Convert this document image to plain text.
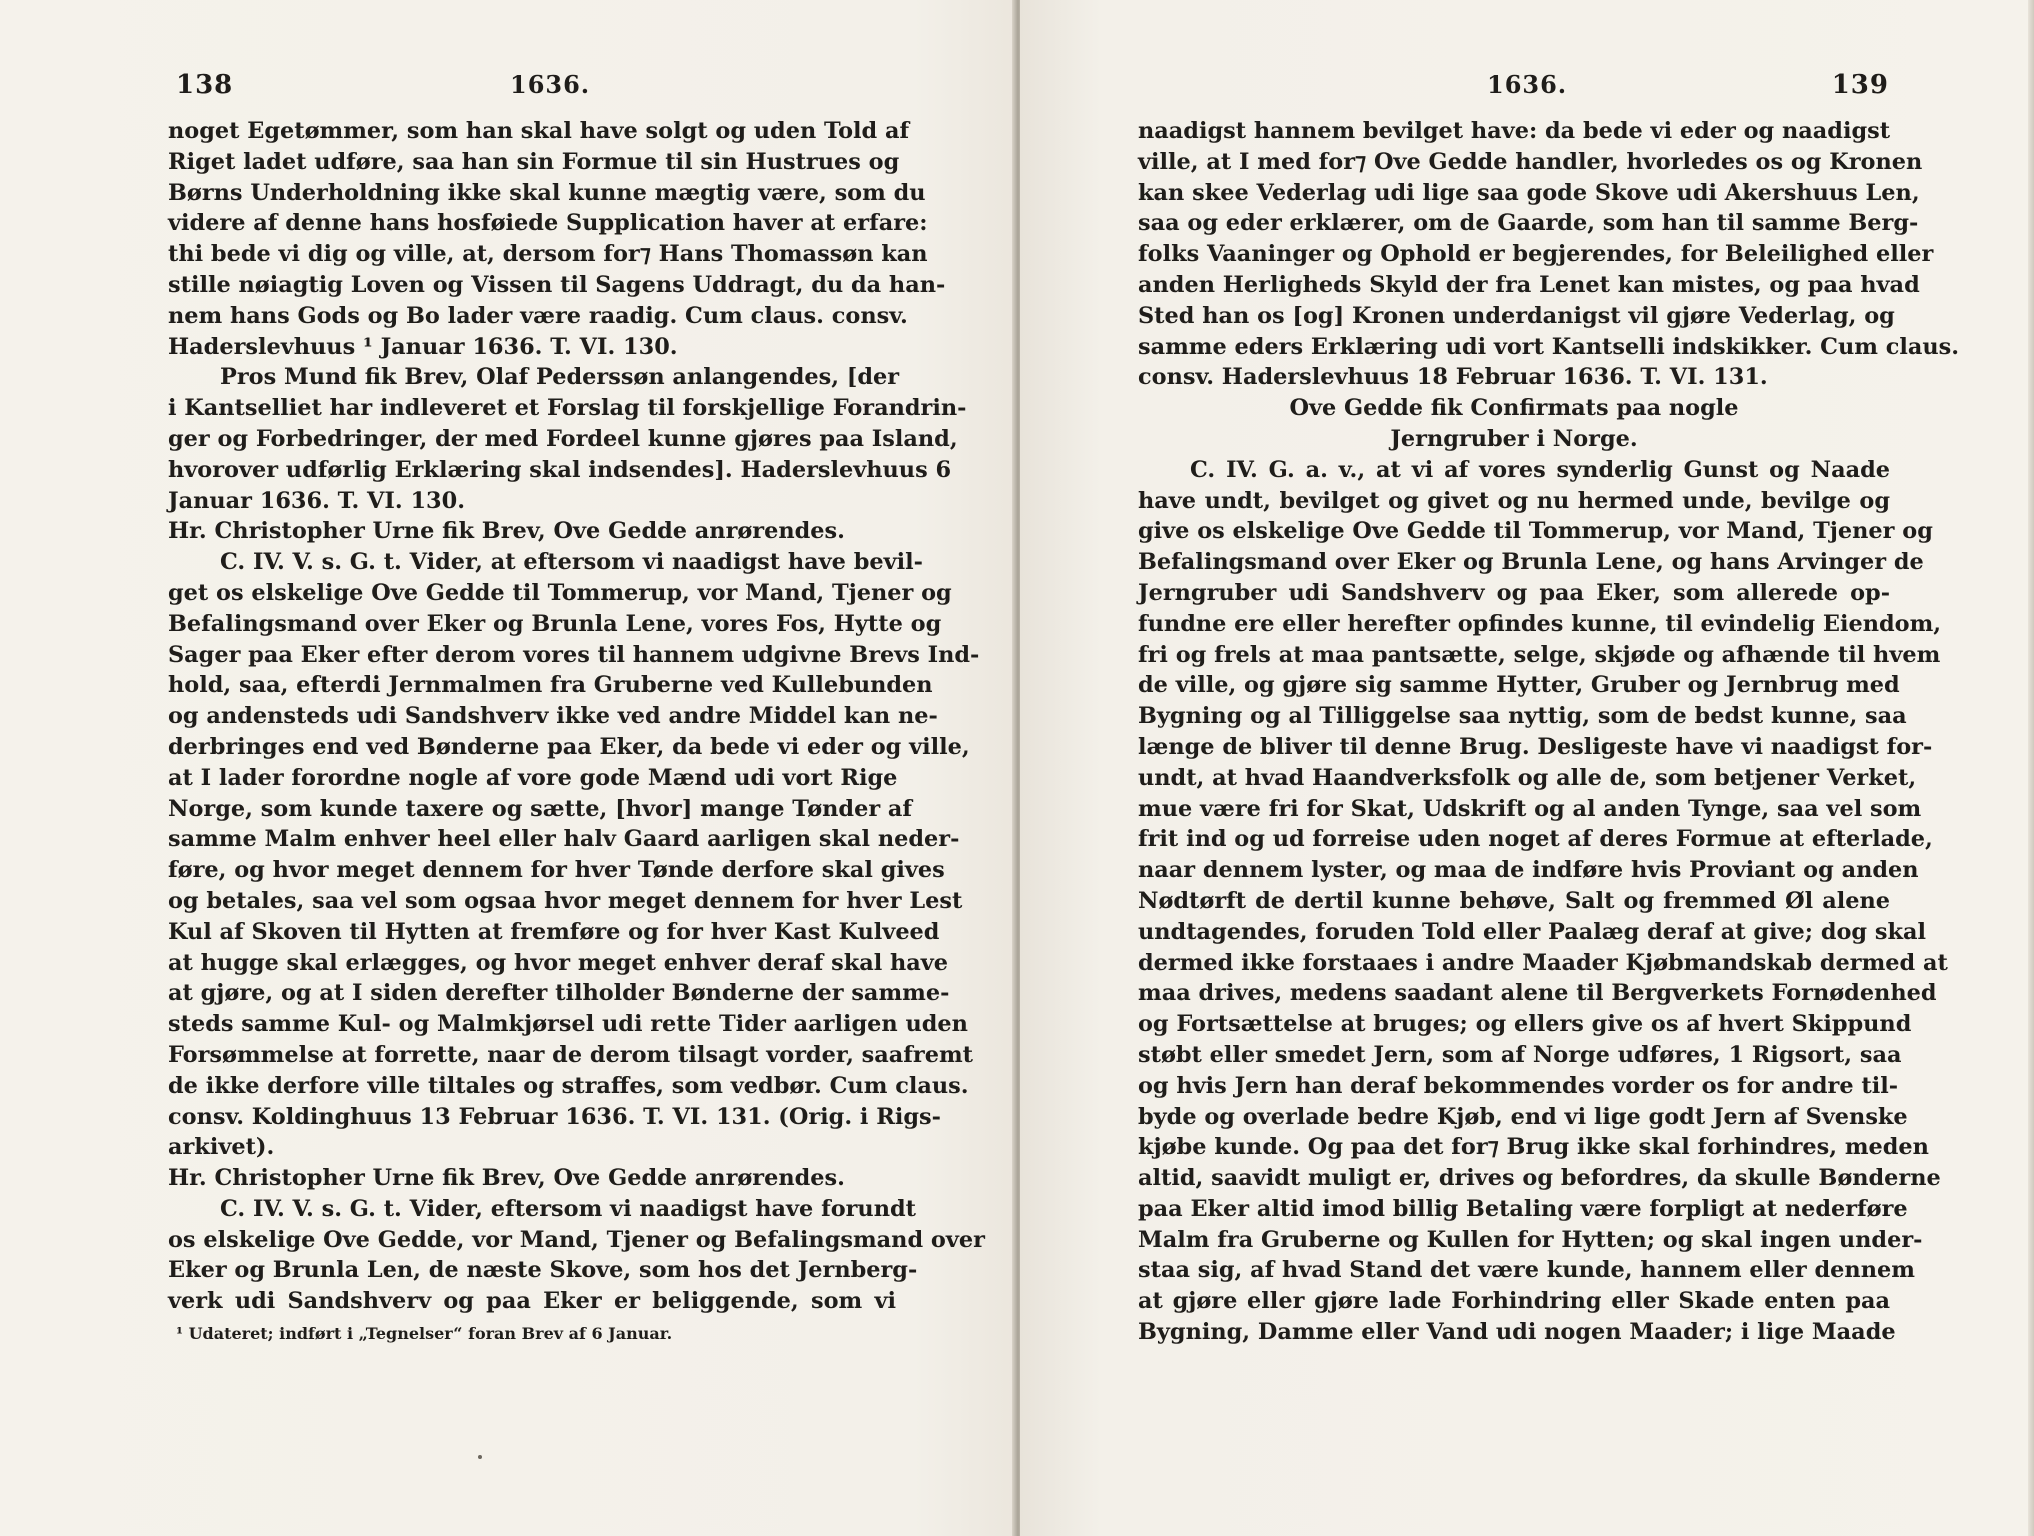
138	1636.
noget Egetømmer, som han skal have solgt og uden Told af
Riget ladet udføre, saa han sin Formue til sin Hustrues og
Børns Underholdning ikke skal kunne mægtig være, som du
videre af denne hans hosføiede Supplication haver at erfare:
thi bede vi dig og ville, at, dersom for⁊ Hans Thomassøn kan
stille nøiagtig Loven og Vissen til Sagens Uddragt, du da han-
nem hans Gods og Bo lader være raadig. Cum claus. consv.
Haderslevhuus ¹ Januar 1636. T. VI. 130.
Pros Mund fik Brev, Olaf Pederssøn anlangendes, [der
i Kantselliet har indleveret et Forslag til forskjellige Forandrin-
ger og Forbedringer, der med Fordeel kunne gjøres paa Island,
hvorover udførlig Erklæring skal indsendes]. Haderslevhuus 6
Januar 1636. T. VI. 130.
Hr. Christopher Urne fik Brev, Ove Gedde anrørendes.
C. IV. V. s. G. t. Vider, at eftersom vi naadigst have bevil-
get os elskelige Ove Gedde til Tommerup, vor Mand, Tjener og
Befalingsmand over Eker og Brunla Lene, vores Fos, Hytte og
Sager paa Eker efter derom vores til hannem udgivne Brevs Ind-
hold, saa, efterdi Jernmalmen fra Gruberne ved Kullebunden
og andensteds udi Sandshverv ikke ved andre Middel kan ne-
derbringes end ved Bønderne paa Eker, da bede vi eder og ville,
at I lader forordne nogle af vore gode Mænd udi vort Rige
Norge, som kunde taxere og sætte, [hvor] mange Tønder af
samme Malm enhver heel eller halv Gaard aarligen skal neder-
føre, og hvor meget dennem for hver Tønde derfore skal gives
og betales, saa vel som ogsaa hvor meget dennem for hver Lest
Kul af Skoven til Hytten at fremføre og for hver Kast Kulveed
at hugge skal erlægges, og hvor meget enhver deraf skal have
at gjøre, og at I siden derefter tilholder Bønderne der samme-
steds samme Kul- og Malmkjørsel udi rette Tider aarligen uden
Forsømmelse at forrette, naar de derom tilsagt vorder, saafremt
de ikke derfore ville tiltales og straffes, som vedbør. Cum claus.
consv. Koldinghuus 13 Februar 1636. T. VI. 131. (Orig. i Rigs-
arkivet).
Hr. Christopher Urne fik Brev, Ove Gedde anrørendes.
C. IV. V. s. G. t. Vider, eftersom vi naadigst have forundt
os elskelige Ove Gedde, vor Mand, Tjener og Befalingsmand over
Eker og Brunla Len, de næste Skove, som hos det Jernberg-
verk udi Sandshverv og paa Eker er beliggende, som vi
¹ Udateret; indført i „Tegnelser“ foran Brev af 6 Januar.
1636.	139
naadigst hannem bevilget have: da bede vi eder og naadigst
ville, at I med for⁊ Ove Gedde handler, hvorledes os og Kronen
kan skee Vederlag udi lige saa gode Skove udi Akershuus Len,
saa og eder erklærer, om de Gaarde, som han til samme Berg-
folks Vaaninger og Ophold er begjerendes, for Beleilighed eller
anden Herligheds Skyld der fra Lenet kan mistes, og paa hvad
Sted han os [og] Kronen underdanigst vil gjøre Vederlag, og
samme eders Erklæring udi vort Kantselli indskikker. Cum claus.
consv. Haderslevhuus 18 Februar 1636. T. VI. 131.
Ove Gedde fik Confirmats paa nogle
Jerngruber i Norge.
C. IV. G. a. v., at vi af vores synderlig Gunst og Naade
have undt, bevilget og givet og nu hermed unde, bevilge og
give os elskelige Ove Gedde til Tommerup, vor Mand, Tjener og
Befalingsmand over Eker og Brunla Lene, og hans Arvinger de
Jerngruber udi Sandshverv og paa Eker, som allerede op-
fundne ere eller herefter opfindes kunne, til evindelig Eiendom,
fri og frels at maa pantsætte, selge, skjøde og afhænde til hvem
de ville, og gjøre sig samme Hytter, Gruber og Jernbrug med
Bygning og al Tilliggelse saa nyttig, som de bedst kunne, saa
længe de bliver til denne Brug. Desligeste have vi naadigst for-
undt, at hvad Haandverksfolk og alle de, som betjener Verket,
mue være fri for Skat, Udskrift og al anden Tynge, saa vel som
frit ind og ud forreise uden noget af deres Formue at efterlade,
naar dennem lyster, og maa de indføre hvis Proviant og anden
Nødtørft de dertil kunne behøve, Salt og fremmed Øl alene
undtagendes, foruden Told eller Paalæg deraf at give; dog skal
dermed ikke forstaaes i andre Maader Kjøbmandskab dermed at
maa drives, medens saadant alene til Bergverkets Fornødenhed
og Fortsættelse at bruges; og ellers give os af hvert Skippund
støbt eller smedet Jern, som af Norge udføres, 1 Rigsort, saa
og hvis Jern han deraf bekommendes vorder os for andre til-
byde og overlade bedre Kjøb, end vi lige godt Jern af Svenske
kjøbe kunde. Og paa det for⁊ Brug ikke skal forhindres, meden
altid, saavidt muligt er, drives og befordres, da skulle Bønderne
paa Eker altid imod billig Betaling være forpligt at nederføre
Malm fra Gruberne og Kullen for Hytten; og skal ingen under-
staa sig, af hvad Stand det være kunde, hannem eller dennem
at gjøre eller gjøre lade Forhindring eller Skade enten paa
Bygning, Damme eller Vand udi nogen Maader; i lige Maade
